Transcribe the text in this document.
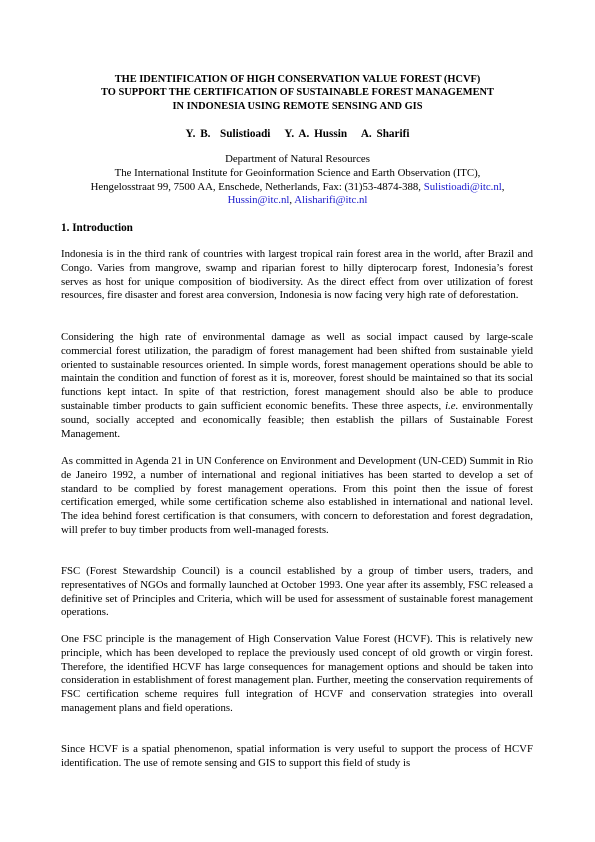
THE IDENTIFICATION OF HIGH CONSERVATION VALUE FOREST (HCVF)
TO SUPPORT THE CERTIFICATION OF SUSTAINABLE FOREST MANAGEMENT
IN INDONESIA USING REMOTE SENSING AND GIS
Y. B.  Sulistioadi   Y. A. Hussin   A. Sharifi
Department of Natural Resources
The International Institute for Geoinformation Science and Earth Observation (ITC),
Hengelosstraat 99, 7500 AA, Enschede, Netherlands, Fax: (31)53-4874-388, Sulistioadi@itc.nl,
Hussin@itc.nl, Alisharifi@itc.nl
1. Introduction

Indonesia is in the third rank of countries with largest tropical rain forest area in the world, after Brazil and Congo. Varies from mangrove, swamp and riparian forest to hilly dipterocarp forest, Indonesia’s forest serves as host for unique composition of biodiversity. As the direct effect from over utilization of forest resources, fire disaster and forest area conversion, Indonesia is now facing very high rate of deforestation.

Considering the high rate of environmental damage as well as social impact caused by large-scale commercial forest utilization, the paradigm of forest management had been shifted from sustainable yield oriented to sustainable resources oriented. In simple words, forest management operations should be able to maintain the condition and function of forest as it is, moreover, forest should be maintained so that its social functions kept intact. In spite of that restriction, forest management should also be able to produce sustainable timber products to gain sufficient economic benefits. These three aspects, i.e. environmentally sound, socially accepted and economically feasible; then establish the pillars of Sustainable Forest Management.

As committed in Agenda 21 in UN Conference on Environment and Development (UN-CED) Summit in Rio de Janeiro 1992, a number of international and regional initiatives has been started to develop a set of standard to be complied by forest management operations. From this point then the issue of forest certification emerged, while some certification scheme also established in international and national level. The idea behind forest certification is that consumers, with concern to deforestation and forest degradation, will prefer to buy timber products from well-managed forests.

FSC (Forest Stewardship Council) is a council established by a group of timber users, traders, and representatives of NGOs and formally launched at October 1993. One year after its assembly, FSC released a definitive set of Principles and Criteria, which will be used for assessment of sustainable forest management operations.

One FSC principle is the management of High Conservation Value Forest (HCVF). This is relatively new principle, which has been developed to replace the previously used concept of old growth or virgin forest. Therefore, the identified HCVF has large consequences for management options and should be taken into consideration in establishment of forest management plan. Further, meeting the conservation requirements of FSC certification scheme requires full integration of HCVF and conservation strategies into overall management plans and field operations.

Since HCVF is a spatial phenomenon, spatial information is very useful to support the process of HCVF identification. The use of remote sensing and GIS to support this field of study is
